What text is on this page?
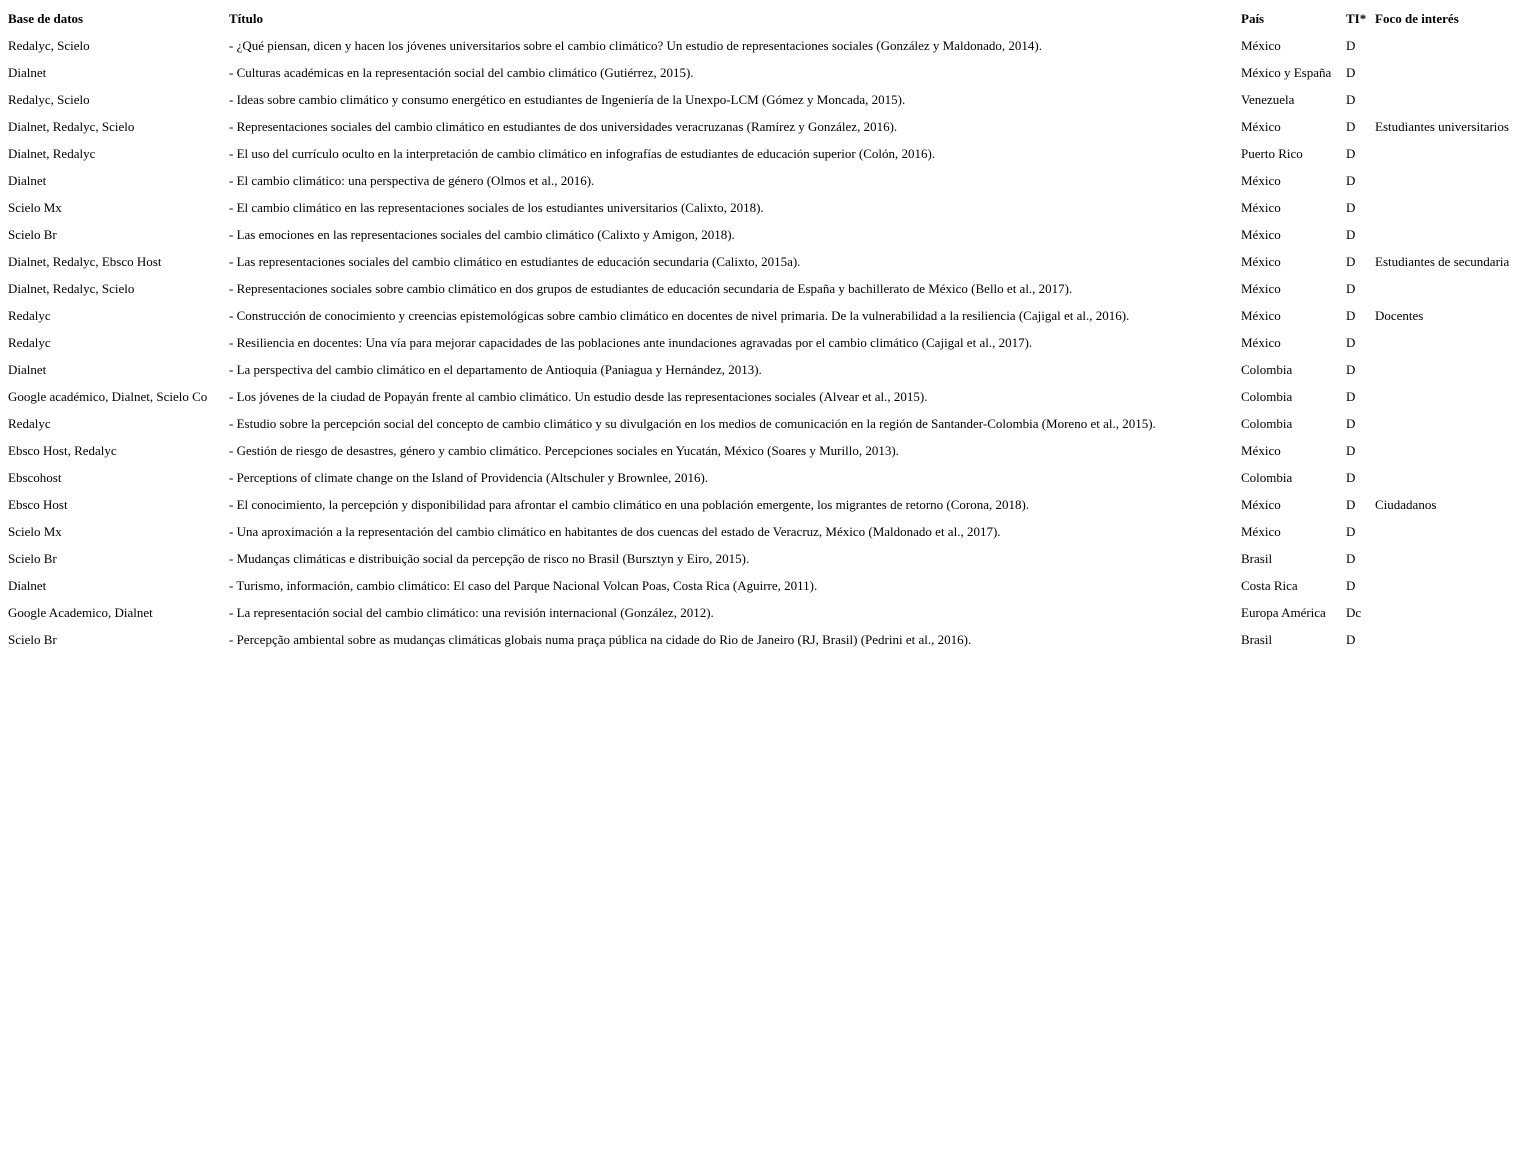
Base de datos	Título	País	TI*	Foco de interés
Redalyc, Scielo	- ¿Qué piensan, dicen y hacen los jóvenes universitarios sobre el cambio climático? Un estudio de representaciones sociales (González y Maldonado, 2014).	México	D	
Dialnet	- Culturas académicas en la representación social del cambio climático (Gutiérrez, 2015).	México y España	D	
Redalyc, Scielo	- Ideas sobre cambio climático y consumo energético en estudiantes de Ingeniería de la Unexpo-LCM (Gómez y Moncada, 2015).	Venezuela	D	
Dialnet, Redalyc, Scielo	- Representaciones sociales del cambio climático en estudiantes de dos universidades veracruzanas (Ramírez y González, 2016).	México	D	Estudiantes universitarios
Dialnet, Redalyc	- El uso del currículo oculto en la interpretación de cambio climático en infografías de estudiantes de educación superior (Colón, 2016).	Puerto Rico	D	
Dialnet	- El cambio climático: una perspectiva de género (Olmos et al., 2016).	México	D	
Scielo Mx	- El cambio climático en las representaciones sociales de los estudiantes universitarios (Calixto, 2018).	México	D	
Scielo Br	- Las emociones en las representaciones sociales del cambio climático (Calixto y Amigon, 2018).	México	D	
Dialnet, Redalyc, Ebsco Host	- Las representaciones sociales del cambio climático en estudiantes de educación secundaria (Calixto, 2015a).	México	D	Estudiantes de secundaria
Dialnet, Redalyc, Scielo	- Representaciones sociales sobre cambio climático en dos grupos de estudiantes de educación secundaria de España y bachillerato de México (Bello et al., 2017).	México	D	
Redalyc	- Construcción de conocimiento y creencias epistemológicas sobre cambio climático en docentes de nivel primaria. De la vulnerabilidad a la resiliencia (Cajigal et al., 2016).	México	D	Docentes
Redalyc	- Resiliencia en docentes: Una vía para mejorar capacidades de las poblaciones ante inundaciones agravadas por el cambio climático (Cajigal et al., 2017).	México	D	
Dialnet	- La perspectiva del cambio climático en el departamento de Antioquia (Paniagua y Hernández, 2013).	Colombia	D	
Google académico, Dialnet, Scielo Co	- Los jóvenes de la ciudad de Popayán frente al cambio climático. Un estudio desde las representaciones sociales (Alvear et al., 2015).	Colombia	D	
Redalyc	- Estudio sobre la percepción social del concepto de cambio climático y su divulgación en los medios de comunicación en la región de Santander-Colombia (Moreno et al., 2015).	Colombia	D	
Ebsco Host, Redalyc	- Gestión de riesgo de desastres, género y cambio climático. Percepciones sociales en Yucatán, México (Soares y Murillo, 2013).	México	D	
Ebscohost	- Perceptions of climate change on the Island of Providencia (Altschuler y Brownlee, 2016).	Colombia	D	
Ebsco Host	- El conocimiento, la percepción y disponibilidad para afrontar el cambio climático en una población emergente, los migrantes de retorno (Corona, 2018).	México	D	Ciudadanos
Scielo Mx	- Una aproximación a la representación del cambio climático en habitantes de dos cuencas del estado de Veracruz, México (Maldonado et al., 2017).	México	D	
Scielo Br	- Mudanças climáticas e distribuição social da percepção de risco no Brasil (Bursztyn y Eiro, 2015).	Brasil	D	
Dialnet	- Turismo, información, cambio climático: El caso del Parque Nacional Volcan Poas, Costa Rica (Aguirre, 2011).	Costa Rica	D	
Google Academico, Dialnet	- La representación social del cambio climático: una revisión internacional (González, 2012).	Europa América	Dc	
Scielo Br	- Percepção ambiental sobre as mudanças climáticas globais numa praça pública na cidade do Rio de Janeiro (RJ, Brasil) (Pedrini et al., 2016).	Brasil	D	
